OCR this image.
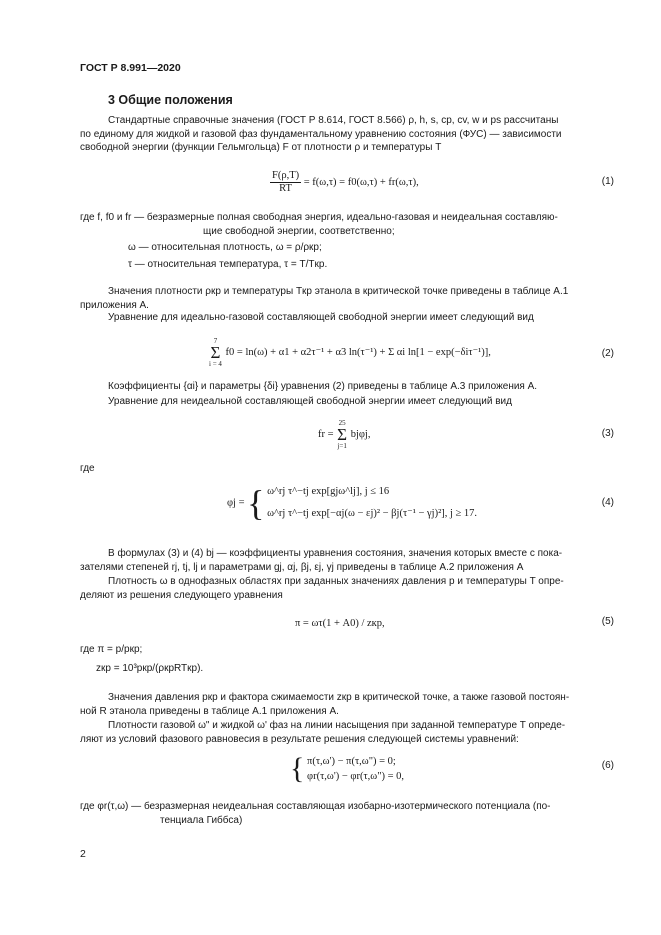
ГОСТ Р 8.991—2020
3 Общие положения
Стандартные справочные значения (ГОСТ Р 8.614, ГОСТ 8.566) ρ, h, s, cp, cv, w и ps рассчитаны
по единому для жидкой и газовой фаз фундаментальному уравнению состояния (ФУС) — зависимости
свободной энергии (функции Гельмгольца) F от плотности ρ и температуры T
$\frac{F(\rho,T)}{RT} = f(\omega,\tau) = f0(\omega,\tau) + fr(\omega,\tau)$,	(1)
где f, f0 и fr — безразмерные полная свободная энергия, идеально-газовая и неидеальная составляю-
щие свободной энергии, соответственно;
ω — относительная плотность, ω = ρ/ρкр;
τ — относительная температура, τ = T/Tкр.
Значения плотности ρкр и температуры Tкр этанола в критической точке приведены в таблице А.1
приложения А.
Уравнение для идеально-газовой составляющей свободной энергии имеет следующий вид
7
Σ
i = 4
f0 = ln(ω) + α1 + α2τ⁻¹ + α3 ln(τ⁻¹) + Σ αi ln[1 − exp(−δiτ⁻¹)],	(2)
Коэффициенты {αi} и параметры {δi} уравнения (2) приведены в таблице А.3 приложения А.
Уравнение для неидеальной составляющей свободной энергии имеет следующий вид
fr =
25
Σ
j=1
bjφj,	(3)
где
φj = { ω^rj τ^−tj exp[gjω^lj], j ≤ 16
ω^rj τ^−tj exp[−αj(ω − εj)² − βj(τ⁻¹ − γj)²], j ≥ 17.
(4)
В формулах (3) и (4) bj — коэффициенты уравнения состояния, значения которых вместе с пока-
зателями степеней rj, tj, lj и параметрами gj, αj, βj, εj, γj приведены в таблице А.2 приложения А
Плотность ω в однофазных областях при заданных значениях давления p и температуры T опре-
деляют из решения следующего уравнения
π = ωτ(1 + A0) / zкр,	(5)
где π = p/pкр;
zкр = 10³pкр/(ρкрRTкр).
Значения давления pкр и фактора сжимаемости zкр в критической точке, а также газовой постоян-
ной R этанола приведены в таблице А.1 приложения А.
Плотности газовой ω" и жидкой ω' фаз на линии насыщения при заданной температуре T опреде-
ляют из условий фазового равновесия в результате решения следующей системы уравнений:
{ π(τ,ω') − π(τ,ω") = 0;
φr(τ,ω') − φr(τ,ω") = 0,
(6)
где φr(τ,ω) — безразмерная неидеальная составляющая изобарно-изотермического потенциала (по-
тенциала Гиббса)
2
